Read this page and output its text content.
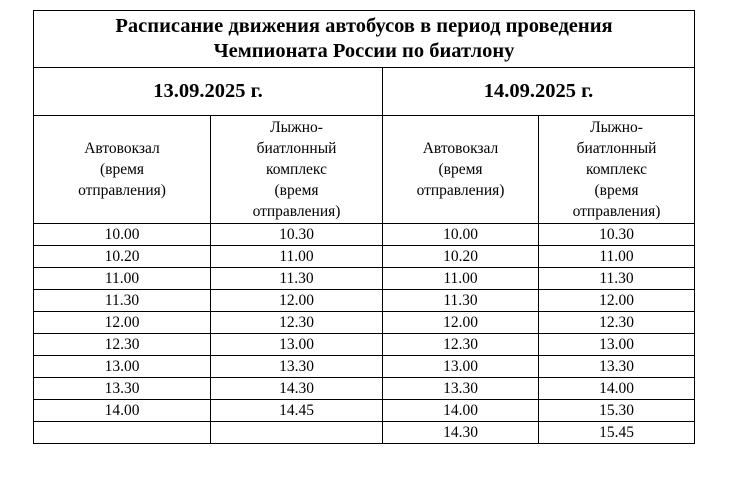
Расписание движения автобусов в период проведения
Чемпионата России по биатлону			
13.09.2025 г.		14.09.2025 г.	

Автовокзал
(время
отправления)	Лыжно-
биатлонный
комплекс
(время
отправления)	Автовокзал
(время
отправления)	Лыжно-
биатлонный
комплекс
(время
отправления)

10.00	10.30	10.00	10.30
10.20	11.00	10.20	11.00
11.00	11.30	11.00	11.30
11.30	12.00	11.30	12.00
12.00	12.30	12.00	12.30
12.30	13.00	12.30	13.00
13.00	13.30	13.00	13.30
13.30	14.30	13.30	14.00
14.00	14.45	14.00	15.30
		14.30	15.45
